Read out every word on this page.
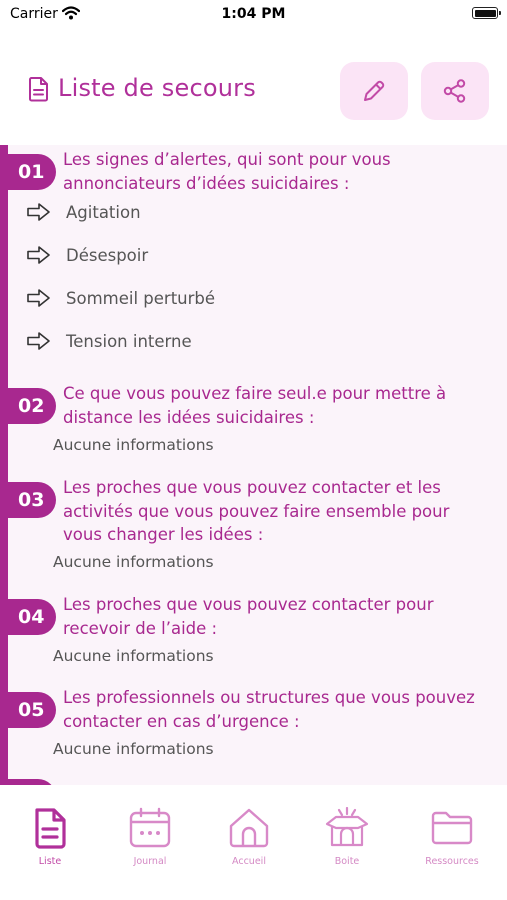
Carrier	1:04 PM
Liste de secours
01
Les signes d’alertes, qui sont pour vous
annonciateurs d’idées suicidaires :
Agitation
Désespoir
Sommeil perturbé
Tension interne
02
Ce que vous pouvez faire seul.e pour mettre à
distance les idées suicidaires :
Aucune informations
03
Les proches que vous pouvez contacter et les
activités que vous pouvez faire ensemble pour
vous changer les idées :
Aucune informations
04
Les proches que vous pouvez contacter pour
recevoir de l’aide :
Aucune informations
05
Les professionnels ou structures que vous pouvez
contacter en cas d’urgence :
Aucune informations
Liste	Journal	Accueil	Boite	Ressources
